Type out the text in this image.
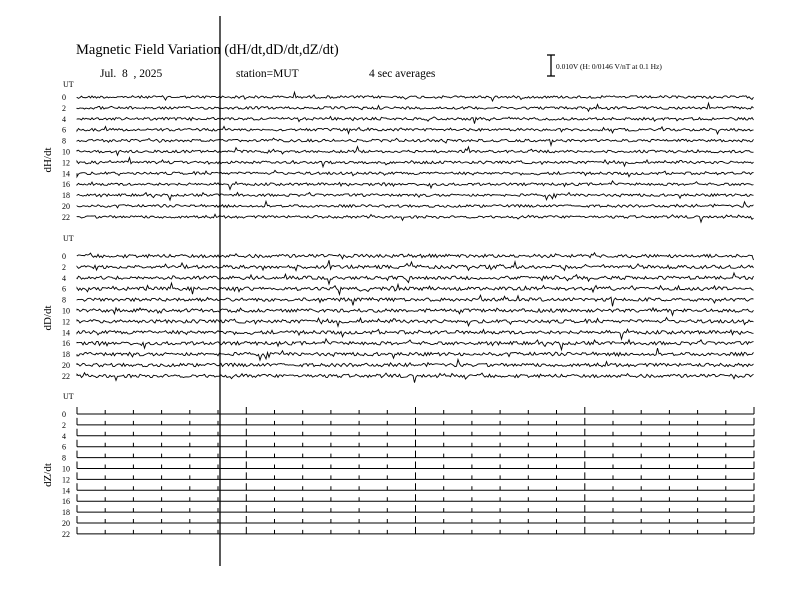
Magnetic Field Variation (dH/dt,dD/dt,dZ/dt)
Jul.  8  , 2025	station=MUT	4 sec averages
0.010V (H: 0/0146 V/nT at 0.1 Hz)
UT
dH/dt
0
2
4
6
8
10
12
14
16
18
20
22
UT
dD/dt
0
2
4
6
8
10
12
14
16
18
20
22
UT
dZ/dt
0
2
4
6
8
10
12
14
16
18
20
22
